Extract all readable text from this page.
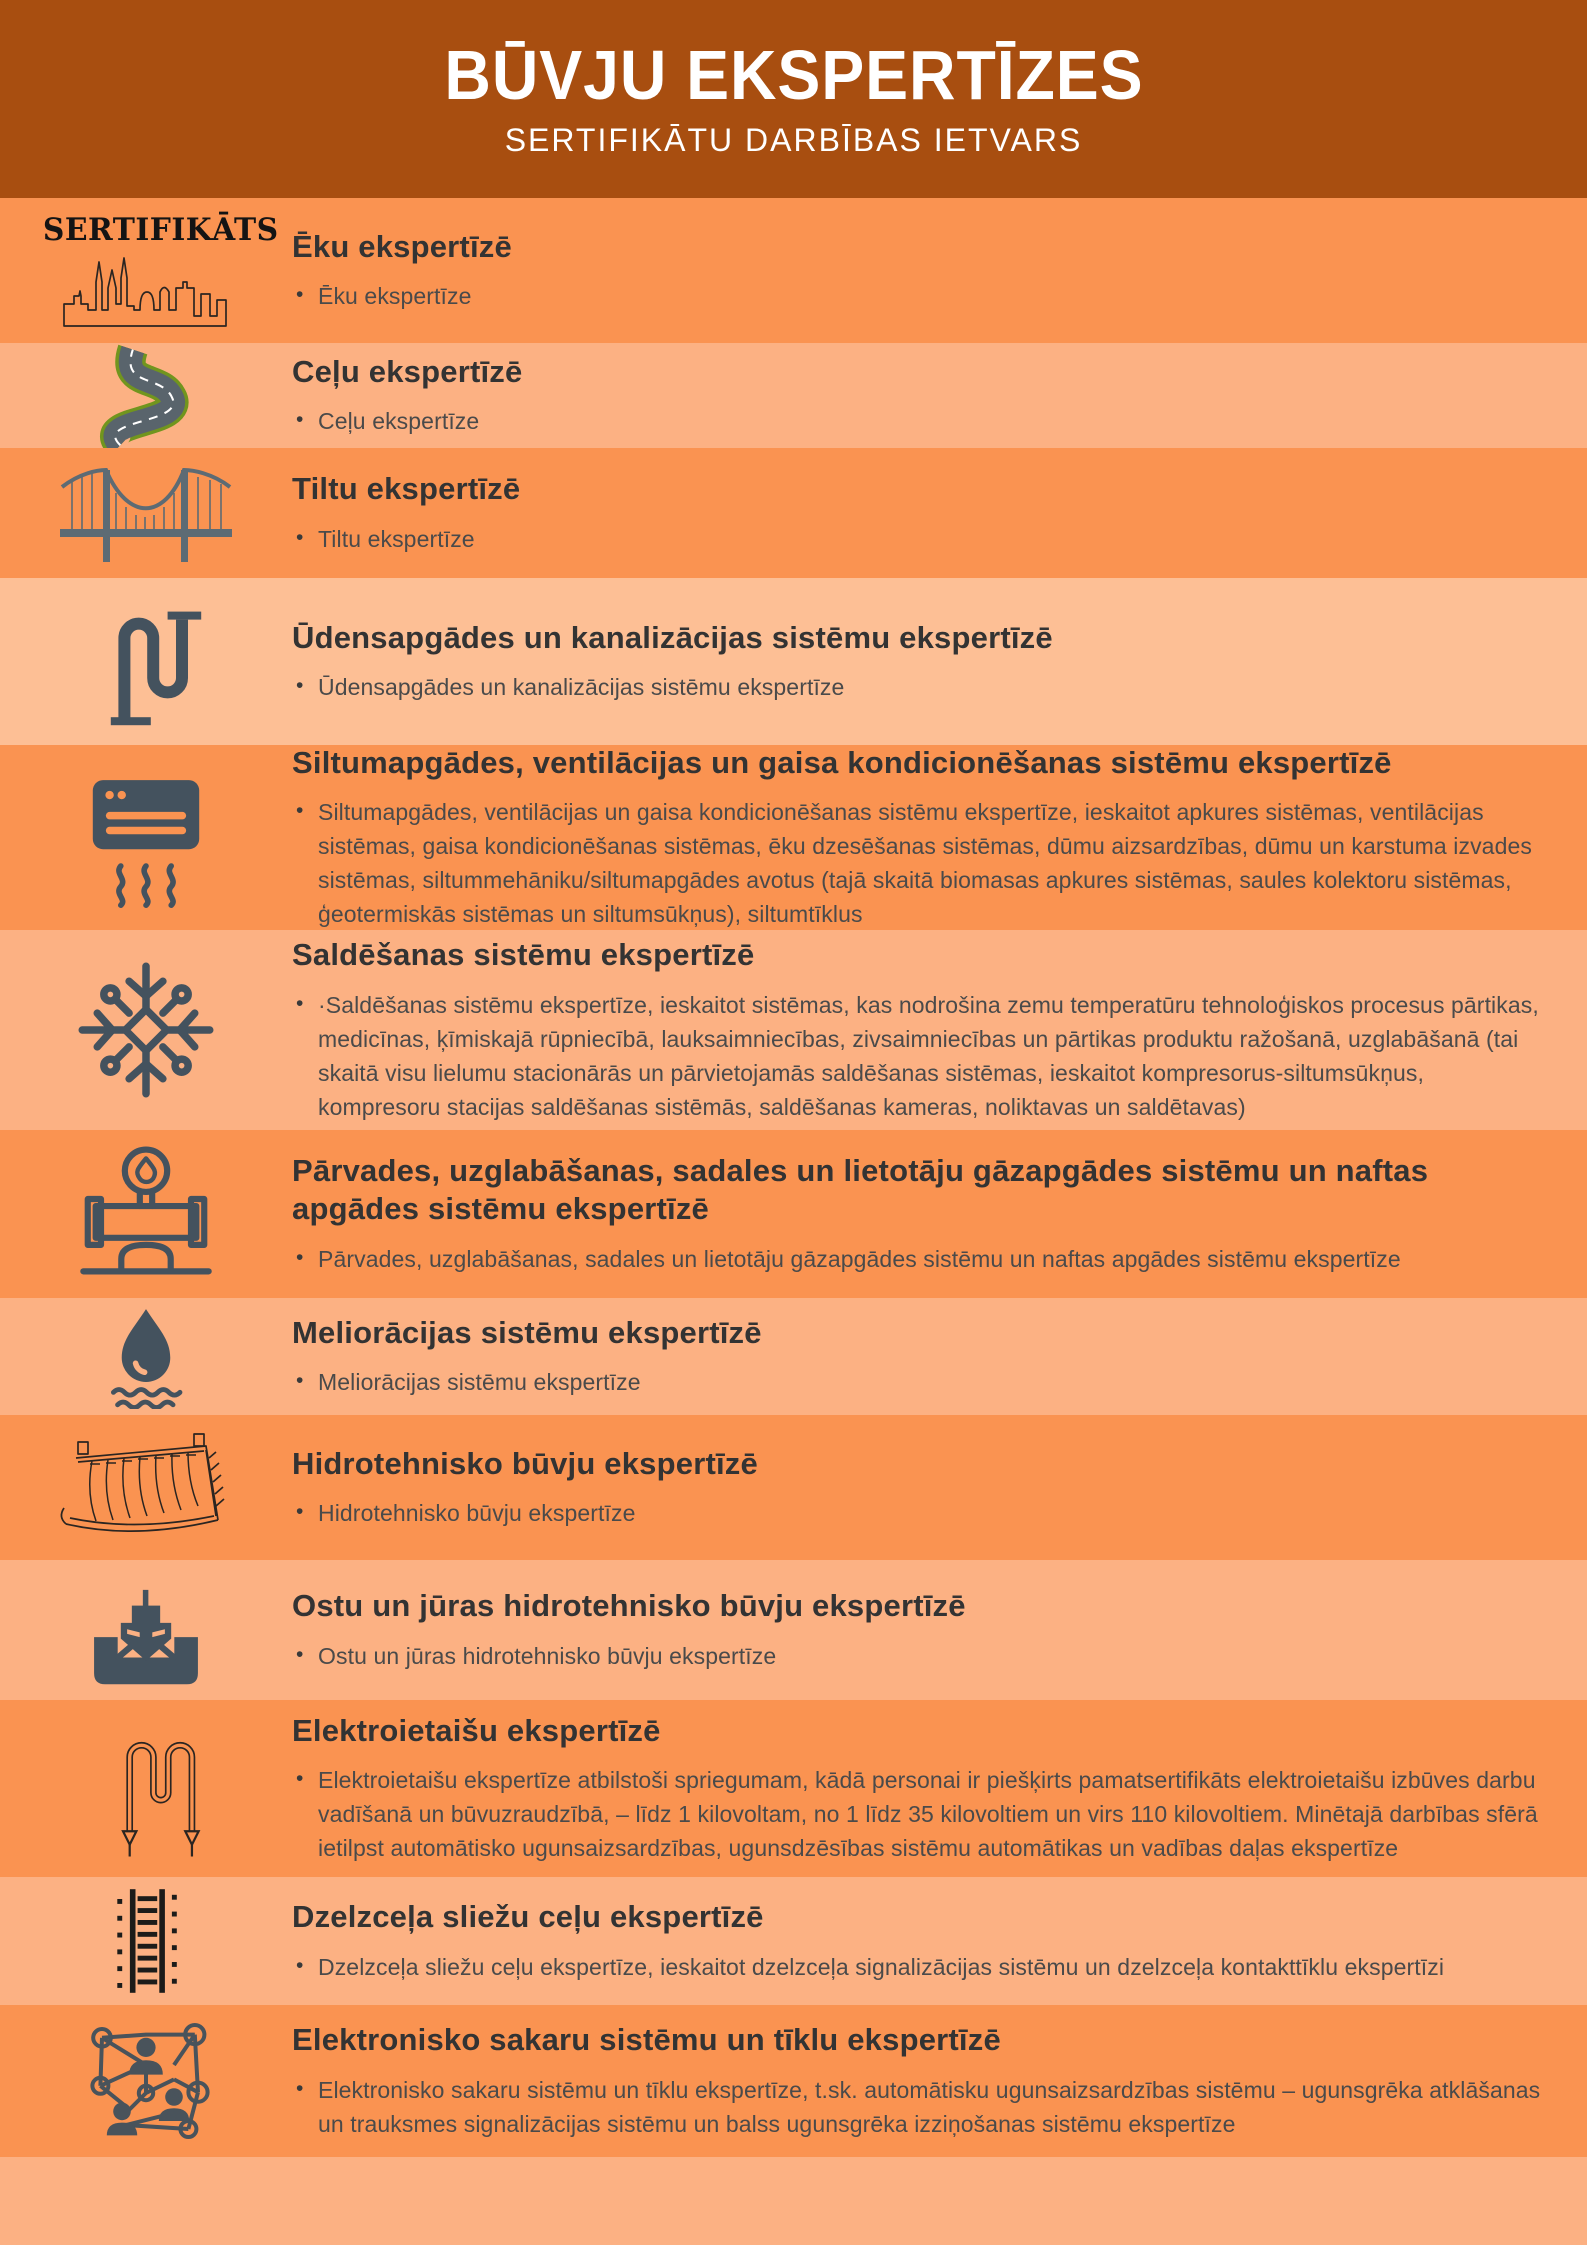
BŪVJU EKSPERTĪZES
SERTIFIKĀTU DARBĪBAS IETVARS
SERTIFIKĀTS Ēku ekspertīzē
•

Ēku ekspertīze

Ceļu ekspertīzē
•

Ceļu ekspertīze

Tiltu ekspertīzē
•

Tiltu ekspertīze

Ūdensapgādes un kanalizācijas sistēmu ekspertīzē
•

Ūdensapgādes un kanalizācijas sistēmu ekspertīze

Siltumapgādes, ventilācijas un gaisa kondicionēšanas sistēmu ekspertīzē
•

Siltumapgādes, ventilācijas un gaisa kondicionēšanas sistēmu ekspertīze, ieskaitot apkures sistēmas, ventilācijas sistēmas, gaisa kondicionēšanas sistēmas, ēku dzesēšanas sistēmas, dūmu aizsardzības, dūmu un karstuma izvades sistēmas, siltummehāniku/siltumapgādes avotus (tajā skaitā biomasas apkures sistēmas, saules kolektoru sistēmas, ģeotermiskās sistēmas un siltumsūkņus), siltumtīklus

Saldēšanas sistēmu ekspertīzē
•

·Saldēšanas sistēmu ekspertīze, ieskaitot sistēmas, kas nodrošina zemu temperatūru tehnoloģiskos procesus pārtikas, medicīnas, ķīmiskajā rūpniecībā, lauksaimniecības, zivsaimniecības un pārtikas produktu ražošanā, uzglabāšanā (tai skaitā visu lielumu stacionārās un pārvietojamās saldēšanas sistēmas, ieskaitot kompresorus-siltumsūkņus, kompresoru stacijas saldēšanas sistēmās, saldēšanas kameras, noliktavas un saldētavas)

Pārvades, uzglabāšanas, sadales un lietotāju gāzapgādes sistēmu un naftas apgādes sistēmu ekspertīzē
•

Pārvades, uzglabāšanas, sadales un lietotāju gāzapgādes sistēmu un naftas apgādes sistēmu ekspertīze

Meliorācijas sistēmu ekspertīzē
•

Meliorācijas sistēmu ekspertīze

Hidrotehnisko būvju ekspertīzē
•

Hidrotehnisko būvju ekspertīze

Ostu un jūras hidrotehnisko būvju ekspertīzē
•

Ostu un jūras hidrotehnisko būvju ekspertīze

Elektroietaišu ekspertīzē
•

Elektroietaišu ekspertīze atbilstoši spriegumam, kādā personai ir piešķirts pamatsertifikāts elektroietaišu izbūves darbu vadīšanā un būvuzraudzībā, – līdz 1 kilovoltam, no 1 līdz 35 kilovoltiem un virs 110 kilovoltiem. Minētajā darbības sfērā ietilpst automātisko ugunsaizsardzības, ugunsdzēsības sistēmu automātikas un vadības daļas ekspertīze

Dzelzceļa sliežu ceļu ekspertīzē
•

Dzelzceļa sliežu ceļu ekspertīze, ieskaitot dzelzceļa signalizācijas sistēmu un dzelzceļa kontakttīklu ekspertīzi

Elektronisko sakaru sistēmu un tīklu ekspertīzē
•

Elektronisko sakaru sistēmu un tīklu ekspertīze, t.sk. automātisku ugunsaizsardzības sistēmu – ugunsgrēka atklāšanas un trauksmes signalizācijas sistēmu un balss ugunsgrēka izziņošanas sistēmu ekspertīze
